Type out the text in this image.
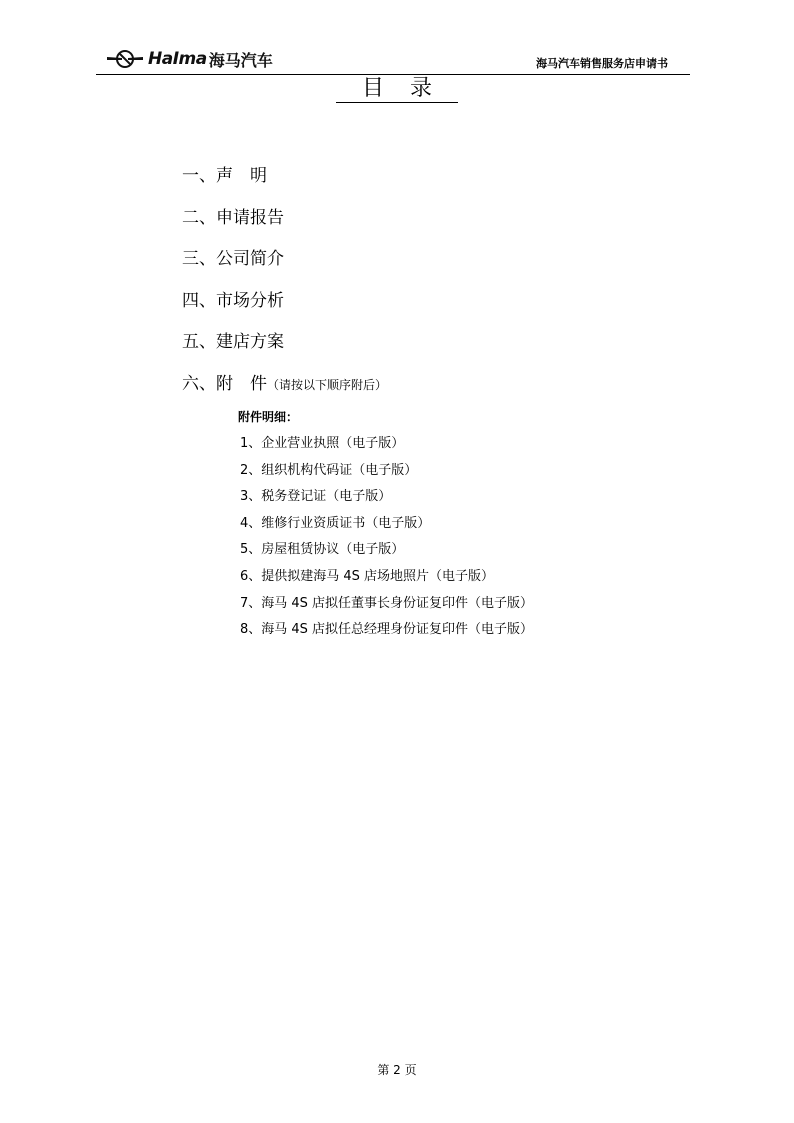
HaIma 海马汽车	海马汽车销售服务店申请书
目录
一、声　明
二、申请报告
三、公司简介
四、市场分析
五、建店方案
六、附　件（请按以下顺序附后）
附件明细：
1、企业营业执照（电子版）
2、组织机构代码证（电子版）
3、税务登记证（电子版）
4、维修行业资质证书（电子版）
5、房屋租赁协议（电子版）
6、提供拟建海马 4S 店场地照片（电子版）
7、海马 4S 店拟任董事长身份证复印件（电子版）
8、海马 4S 店拟任总经理身份证复印件（电子版）
第 2 页
